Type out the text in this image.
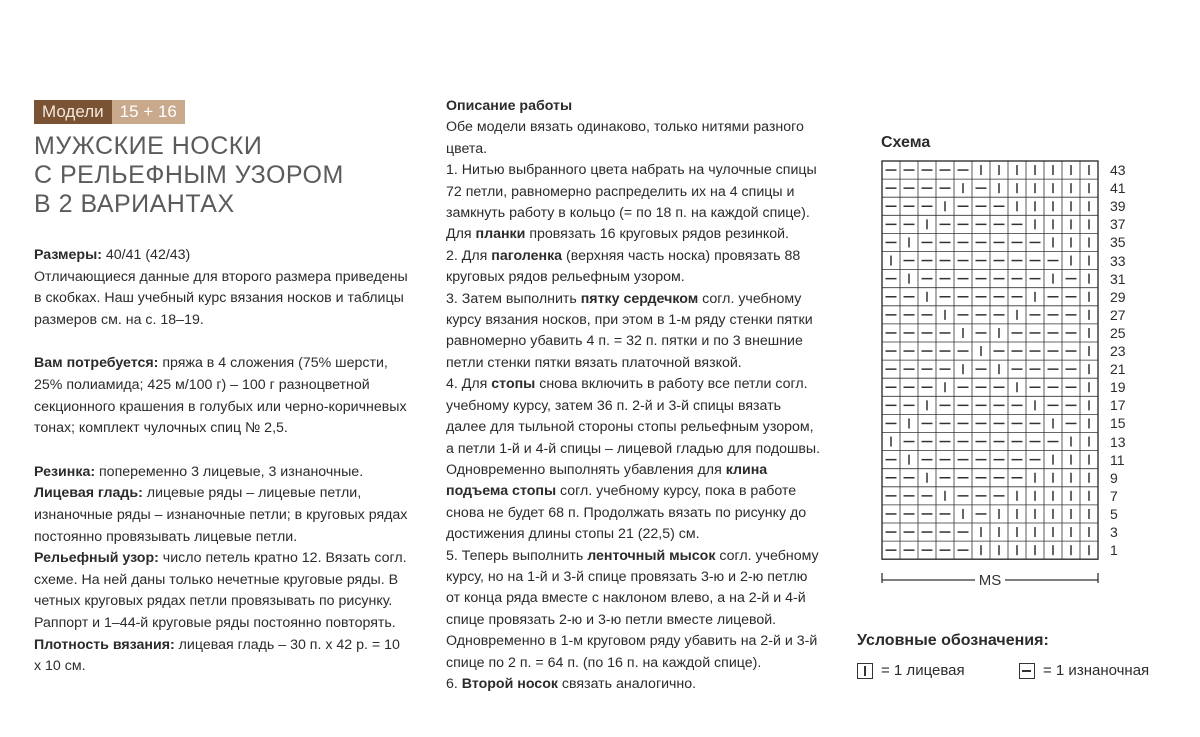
Модели 15 + 16
МУЖСКИЕ НОСКИ
С РЕЛЬЕФНЫМ УЗОРОМ
В 2 ВАРИАНТАХ

Размеры: 40/41 (42/43)

Отличающиеся данные для второго размера приведены в скобках. Наш учебный курс вязания носков и таблицы размеров см. на с. 18–19.

Вам потребуется: пряжа в 4 сложения (75% шерсти, 25% полиамида; 425 м/100 г) – 100 г разноцветной секционного крашения в голубых или черно-коричневых тонах; комплект чулочных спиц № 2,5.

Резинка: попеременно 3 лицевые, 3 изнаночные.

Лицевая гладь: лицевые ряды – лицевые петли, изнаночные ряды – изнаночные петли; в круговых рядах постоянно провязывать лицевые петли.

Рельефный узор: число петель кратно 12. Вязать согл. схеме. На ней даны только нечетные круговые ряды. В четных круговых рядах петли провязывать по рисунку. Раппорт и 1–44-й круговые ряды постоянно повторять.

Плотность вязания: лицевая гладь – 30 п. х 42 р. = 10 х 10 см.

Описание работы

Обе модели вязать одинаково, только нитями разного цвета.

1. Нитью выбранного цвета набрать на чулочные спицы 72 петли, равномерно распределить их на 4 спицы и замкнуть работу в кольцо (= по 18 п. на каждой спице). Для планки провязать 16 круговых рядов резинкой.

2. Для паголенка (верхняя часть носка) провязать 88 круговых рядов рельефным узором.

3. Затем выполнить пятку сердечком согл. учебному курсу вязания носков, при этом в 1-м ряду стенки пятки равномерно убавить 4 п. = 32 п. пятки и по 3 внешние петли стенки пятки вязать платочной вязкой.

4. Для стопы снова включить в работу все петли согл. учебному курсу, затем 36 п. 2-й и 3-й спицы вязать далее для тыльной стороны стопы рельефным узором, а петли 1-й и 4-й спицы – лицевой гладью для подошвы. Одновременно выполнять убавления для клина подъема стопы согл. учебному курсу, пока в работе снова не будет 68 п. Продолжать вязать по рисунку до достижения длины стопы 21 (22,5) см.

5. Теперь выполнить ленточный мысок согл. учебному курсу, но на 1-й и 3-й спице провязать 3-ю и 2-ю петлю от конца ряда вместе с наклоном влево, а на 2-й и 4-й спице провязать 2-ю и 3-ю петли вместе лицевой. Одновременно в 1-м круговом ряду убавить на 2-й и 3-й спице по 2 п. = 64 п. (по 16 п. на каждой спице).

6. Второй носок связать аналогично.

Схема
43
41
39
37
35
33
31
29
27
25
23
21
19
17
15
13
11
9
7
5
3
1
MS
Условные обозначения:
= 1 лицевая	= 1 изнаночная
